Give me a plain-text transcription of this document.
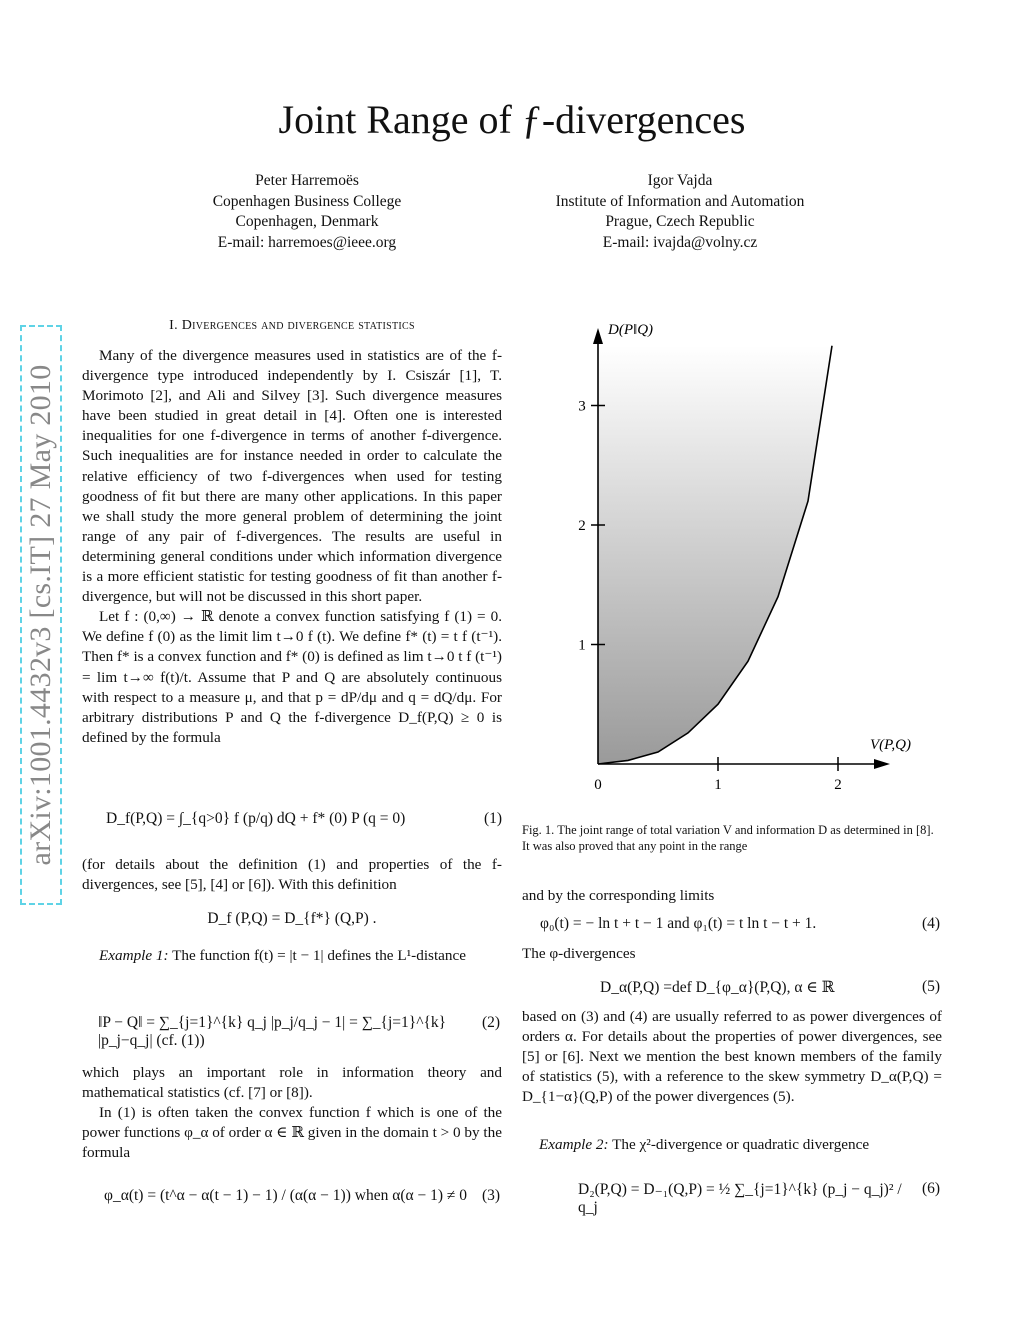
Joint Range of ƒ-divergences
Peter Harremoës
Copenhagen Business College
Copenhagen, Denmark
E-mail: harremoes@ieee.org
Igor Vajda
Institute of Information and Automation
Prague, Czech Republic
E-mail: ivajda@volny.cz
arXiv:1001.4432v3 [cs.IT] 27 May 2010
I. Divergences and divergence statistics

Many of the divergence measures used in statistics are of the f-divergence type introduced independently by I. Csiszár [1], T. Morimoto [2], and Ali and Silvey [3]. Such divergence measures have been studied in great detail in [4]. Often one is interested inequalities for one f-divergence in terms of another f-divergence. Such inequalities are for instance needed in order to calculate the relative efficiency of two f-divergences when used for testing goodness of fit but there are many other applications. In this paper we shall study the more general problem of determining the joint range of any pair of f-divergences. The results are useful in determining general conditions under which information divergence is a more efficient statistic for testing goodness of fit than another f-divergence, but will not be discussed in this short paper.

Let f : (0,∞) → ℝ denote a convex function satisfying f (1) = 0. We define f (0) as the limit lim t→0 f (t). We define f* (t) = t f (t⁻¹). Then f* is a convex function and f* (0) is defined as lim t→0 t f (t⁻¹) = lim t→∞ f(t)/t. Assume that P and Q are absolutely continuous with respect to a measure μ, and that p = dP/dμ and q = dQ/dμ. For arbitrary distributions P and Q the f-divergence D_f(P,Q) ≥ 0 is defined by the formula

D_f(P,Q) = ∫_{q>0} f (p/q) dQ + f* (0) P (q = 0)	(1)
(for details about the definition (1) and properties of the f-divergences, see [5], [4] or [6]). With this definition
D_f (P,Q) = D_{f*} (Q,P) .

Example 1: The function f(t) = |t − 1| defines the L¹-distance

‖P − Q‖ = ∑_{j=1}^{k} q_j |p_j/q_j − 1| = ∑_{j=1}^{k} |p_j−q_j| (cf. (1))
(2)

which plays an important role in information theory and mathematical statistics (cf. [7] or [8]).

In (1) is often taken the convex function f which is one of the power functions φ_α of order α ∈ ℝ given in the domain t > 0 by the formula

φ_α(t) = (t^α − α(t − 1) − 1) / (α(α − 1)) when α(α − 1) ≠ 0 (3)
0	1	2
1
2
3
D(P‖Q)
V(P,Q)
Fig. 1. The joint range of total variation V and information D as determined in [8]. It was also proved that any point in the range
and by the corresponding limits
φ₀(t) = − ln t + t − 1 and φ₁(t) = t ln t − t + 1.	(4)
The φ-divergences
D_α(P,Q) =def D_{φ_α}(P,Q), α ∈ ℝ	(5)
based on (3) and (4) are usually referred to as power divergences of orders α. For details about the properties of power divergences, see [5] or [6]. Next we mention the best known members of the family of statistics (5), with a reference to the skew symmetry D_α(P,Q) = D_{1−α}(Q,P) of the power divergences (5).

Example 2: The χ²-divergence or quadratic divergence

D₂(P,Q) = D₋₁(Q,P) = ½ ∑_{j=1}^{k} (p_j − q_j)² / q_j
(6)
